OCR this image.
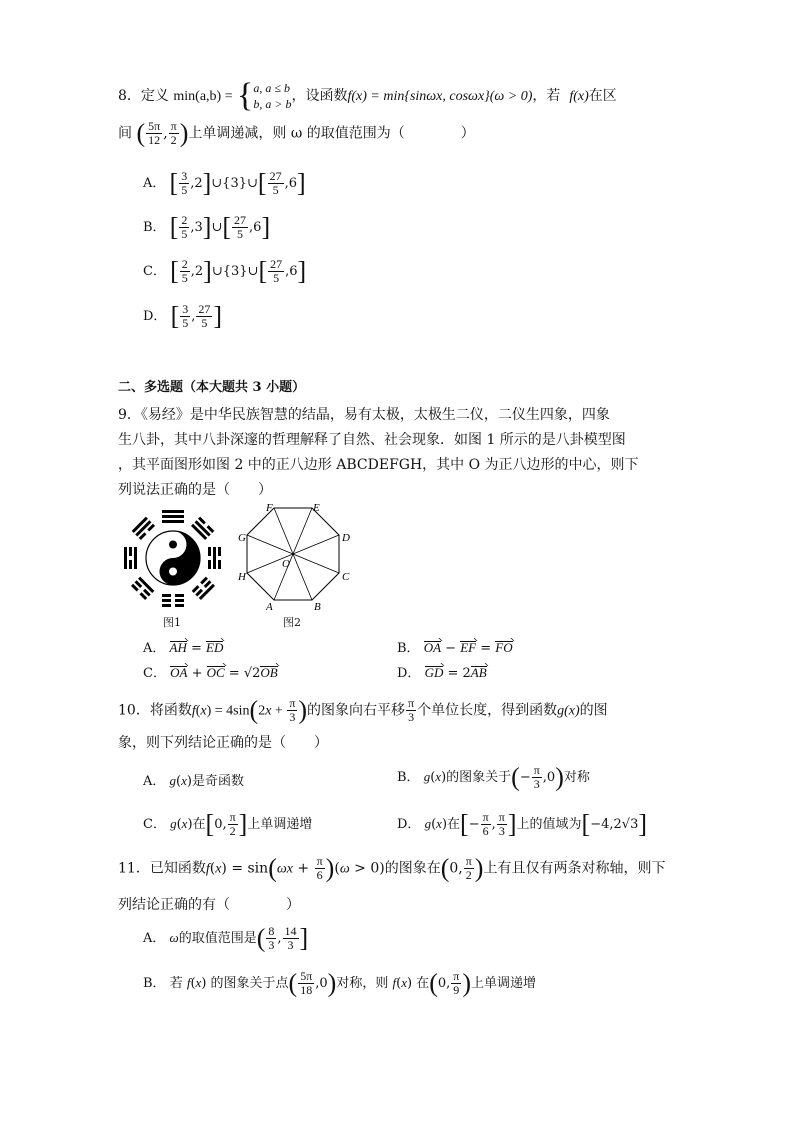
8．定义 min(a,b) = { a, a ≤ b
b, a > b ，设函数f(x) = min{sinωx, cosωx}(ω > 0)，若 f(x)在区
间 ( $\frac{5\pi}{12}$ , $\frac{\pi}{2}$ )上单调递减，则 ω 的取值范围为（　　　　）
A． [ $\frac{3}{5}$ ,2]∪{3}∪[ $\frac{27}{5} ,6$]
B． [ $\frac{2}{5}$ ,3]∪[ $\frac{27}{5} ,6$]
C． [ $\frac{2}{5}$ ,2]∪{3}∪[ $\frac{27}{5} ,6$]
D． [ $\frac{3}{5}$ , $\frac{27}{5}$ ]
二、多选题（本大题共 3 小题）
9．《易经》是中华民族智慧的结晶，易有太极，太极生二仪，二仪生四象，四象
生八卦，其中八卦深邃的哲理解释了自然、社会现象．如图 1 所示的是八卦模型图
，其平面图形如图 2 中的正八边形 ABCDEFGH，其中 O 为正八边形的中心，则下
列说法正确的是（　　）
图1
A	B
C
D
E
F
G
H
O
图2
A． AH = ED	B． OA − EF = FO
C． OA + OC = √2OB	D． GD = 2AB
10．将函数$f(x) = 4\sin(2x + \frac{\pi}{3}$ )的图象向右平移 $\frac{\pi}{3}$ 个单位长度，得到函数g(x)的图
象，则下列结论正确的是（　　）
A． g(x)是奇函数	B． g(x)的图象关于(− $\frac{\pi}{3} ,0$)对称
C． g(x)在[0, $\frac{\pi}{2}$ ]上单调递增	D． g(x)在[− $\frac{\pi}{6}$ , $\frac{\pi}{3}$ ]上的值域为[−4,2√3]
11．已知函数$f(x) = \sin(\omega x + \frac{\pi}{6} )(\omega > 0)$的图象在(0, $\frac{\pi}{2}$ )上有且仅有两条对称轴，则下
列结论正确的有（　　　　）
A． ω的取值范围是( $\frac{8}{3}$ , $\frac{14}{3}$ ]
B． 若 f(x) 的图象关于点( $\frac{5\pi}{18} ,0$)对称，则 f(x) 在(0, $\frac{\pi}{9}$ )上单调递增
